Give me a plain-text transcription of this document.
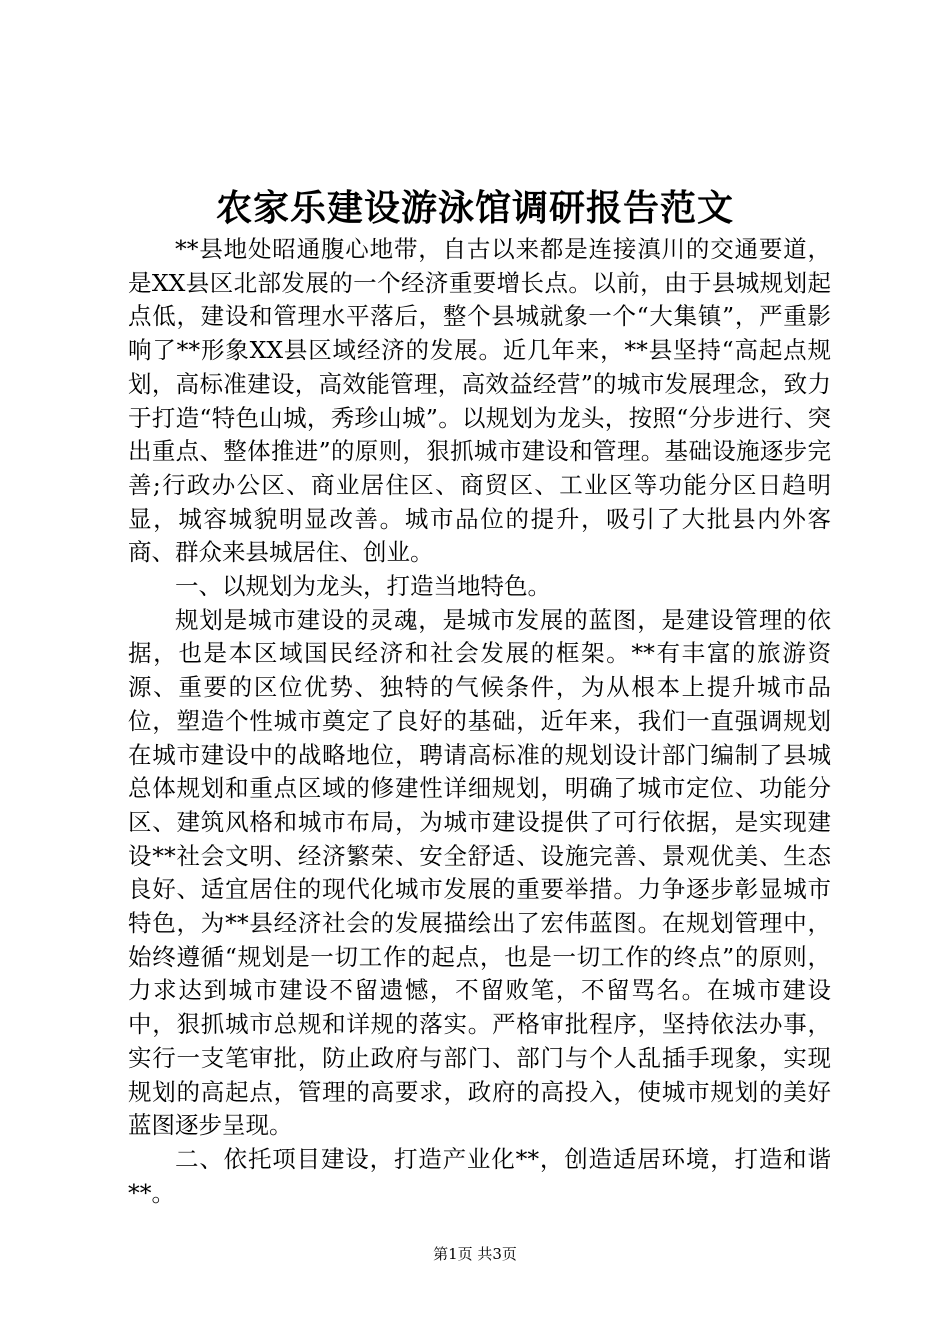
农家乐建设游泳馆调研报告范文

**县地处昭通腹心地带，自古以来都是连接滇川的交通要道，是XX县区北部发展的一个经济重要增长点。以前，由于县城规划起点低，建设和管理水平落后，整个县城就象一个“大集镇”，严重影响了**形象XX县区域经济的发展。近几年来，**县坚持“高起点规划，高标准建设，高效能管理，高效益经营”的城市发展理念，致力于打造“特色山城，秀珍山城”。以规划为龙头，按照“分步进行、突出重点、整体推进”的原则，狠抓城市建设和管理。基础设施逐步完善;行政办公区、商业居住区、商贸区、工业区等功能分区日趋明显，城容城貌明显改善。城市品位的提升，吸引了大批县内外客商、群众来县城居住、创业。

一、以规划为龙头，打造当地特色。

规划是城市建设的灵魂，是城市发展的蓝图，是建设管理的依据，也是本区域国民经济和社会发展的框架。**有丰富的旅游资源、重要的区位优势、独特的气候条件，为从根本上提升城市品位，塑造个性城市奠定了良好的基础，近年来，我们一直强调规划在城市建设中的战略地位，聘请高标准的规划设计部门编制了县城总体规划和重点区域的修建性详细规划，明确了城市定位、功能分区、建筑风格和城市布局，为城市建设提供了可行依据，是实现建设**社会文明、经济繁荣、安全舒适、设施完善、景观优美、生态良好、适宜居住的现代化城市发展的重要举措。力争逐步彰显城市特色，为**县经济社会的发展描绘出了宏伟蓝图。在规划管理中，始终遵循“规划是一切工作的起点，也是一切工作的终点”的原则，力求达到城市建设不留遗憾，不留败笔，不留骂名。在城市建设中，狠抓城市总规和详规的落实。严格审批程序，坚持依法办事，实行一支笔审批，防止政府与部门、部门与个人乱插手现象，实现规划的高起点，管理的高要求，政府的高投入，使城市规划的美好蓝图逐步呈现。

二、依托项目建设，打造产业化**，创造适居环境，打造和谐**。

第1页 共3页
